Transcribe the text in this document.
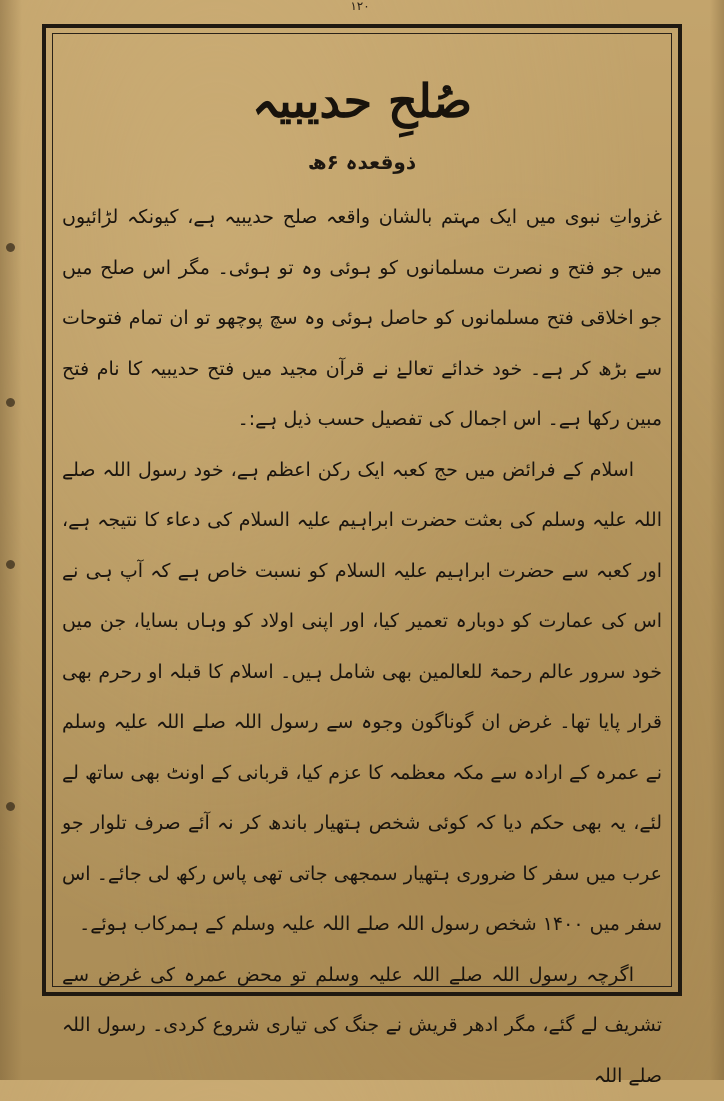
۱۲۰
صُلحِ حدیبیہ
ذوقعدہ ۶ھ

غزواتِ نبوی میں ایک مہتم بالشان واقعہ صلح حدیبیہ ہے، کیونکہ لڑائیوں میں جو فتح و نصرت مسلمانوں کو ہوئی وہ تو ہوئی۔ مگر اس صلح میں جو اخلاقی فتح مسلمانوں کو حاصل ہوئی وہ سچ پوچھو تو ان تمام فتوحات سے بڑھ کر ہے۔ خود خدائے تعالےٰ نے قرآن مجید میں فتح حدیبیہ کا نام فتح مبین رکھا ہے۔ اس اجمال کی تفصیل حسب ذیل ہے:۔

اسلام کے فرائض میں حج کعبہ ایک رکن اعظم ہے، خود رسول اللہ صلے اللہ علیہ وسلم کی بعثت حضرت ابراہیم علیہ السلام کی دعاء کا نتیجہ ہے، اور کعبہ سے حضرت ابراہیم علیہ السلام کو نسبت خاص ہے کہ آپ ہی نے اس کی عمارت کو دوبارہ تعمیر کیا، اور اپنی اولاد کو وہاں بسایا، جن میں خود سرور عالم رحمۃ للعالمین بھی شامل ہیں۔ اسلام کا قبلہ او رحرم بھی قرار پایا تھا۔ غرض ان گوناگون وجوہ سے رسول اللہ صلے اللہ علیہ وسلم نے عمرہ کے ارادہ سے مکہ معظمہ کا عزم کیا، قربانی کے اونٹ بھی ساتھ لے لئے، یہ بھی حکم دیا کہ کوئی شخص ہتھیار باندھ کر نہ آئے صرف تلوار جو عرب میں سفر کا ضروری ہتھیار سمجھی جاتی تھی پاس رکھ لی جائے۔ اس سفر میں ۱۴۰۰ شخص رسول اللہ صلے اللہ علیہ وسلم کے ہمرکاب ہوئے۔

اگرچہ رسول اللہ صلے اللہ علیہ وسلم تو محض عمرہ کی غرض سے تشریف لے گئے، مگر ادھر قریش نے جنگ کی تیاری شروع کردی۔ رسول اللہ صلے اللہ
